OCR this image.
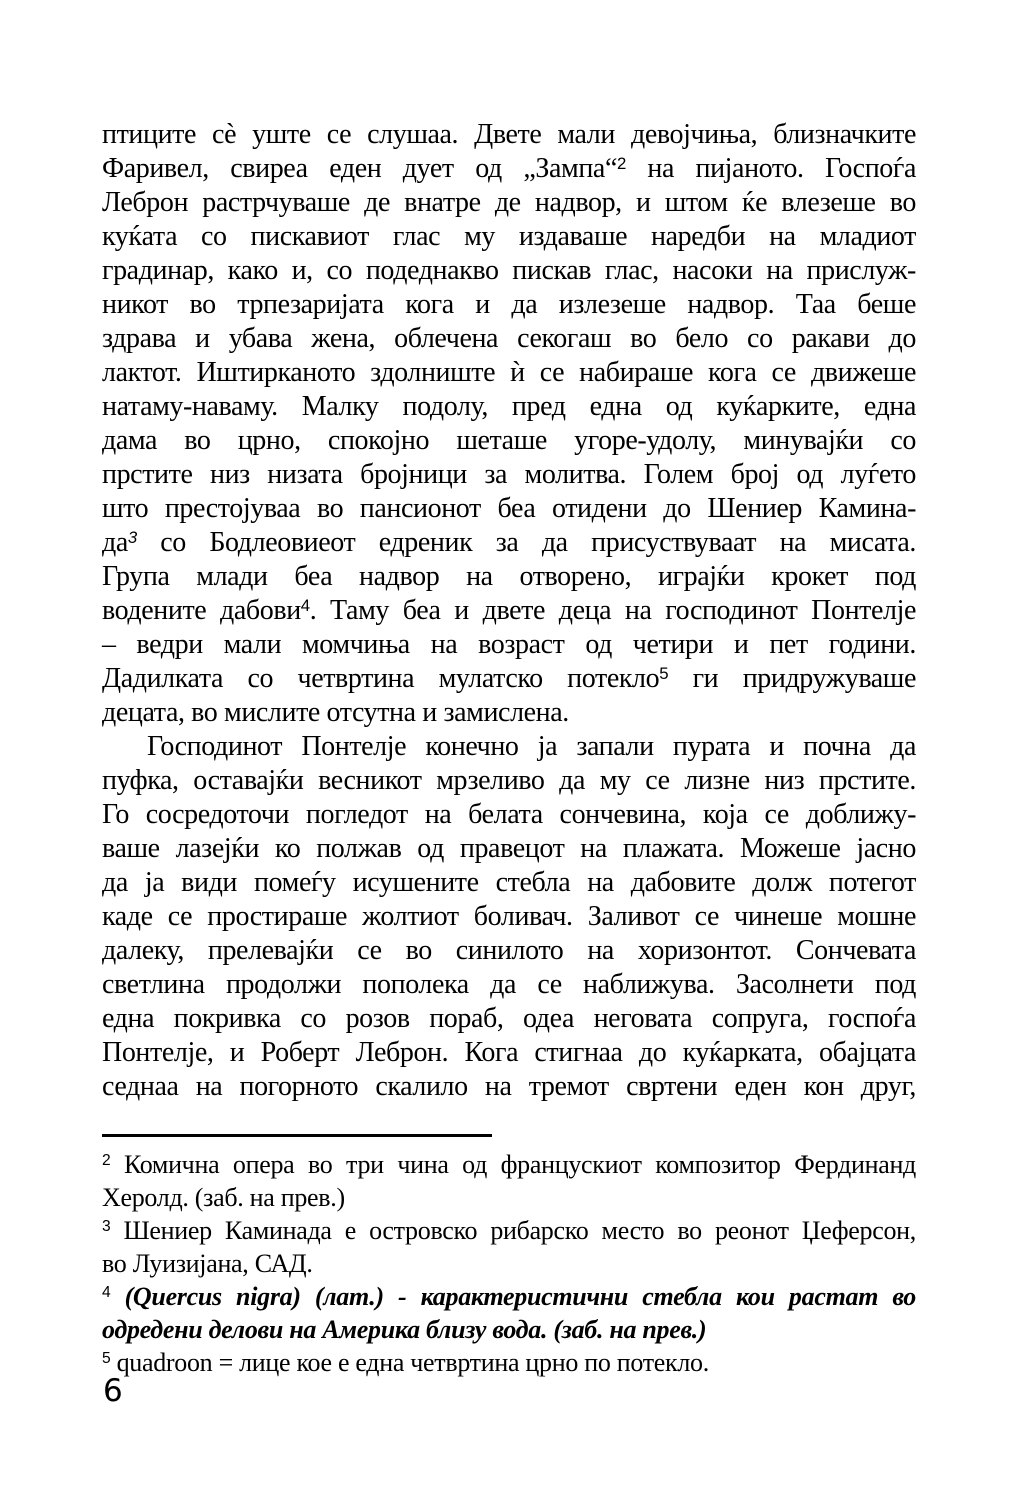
птиците сѐ уште се слушаа. Двете мали девојчиња, близначките
Фаривел, свиреа еден дует од „Зампа“$^2$ на пијаното. Госпоѓа
Леброн растрчуваше де внатре де надвор, и штом ќе влезеше во
куќата со пискавиот глас му издаваше наредби на младиот
градинар, како и, со подеднакво пискав глас, насоки на прислуж-
никот во трпезаријата кога и да излезеше надвор. Таа беше
здрава и убава жена, облечена секогаш во бело со ракави до
лактот. Иштирканото здолниште ѝ се набираше кога се движеше
натаму-наваму. Малку подолу, пред една од куќарките, една
дама во црно, спокојно шеташе угоре-удолу, минувајќи со
прстите низ низата бројници за молитва. Голем број од луѓето
што престојуваа во пансионот беа отидени до Шениер Камина-
$да^3$ со Бодлеовиеот едреник за да присуствуваат на мисата.
Група млади беа надвор на отворено, играјќи крокет под
водените дабови$^4$. Таму беа и двете деца на господинот Понтелје
– ведри мали момчиња на возраст од четири и пет години.
Дадилката со четвртина мулатско потекло$^5$ ги придружуваше
децата, во мислите отсутна и замислена.
Господинот Понтелје конечно ја запали пурата и почна да
пуфка, оставајќи весникот мрзеливо да му се лизне низ прстите.
Го сосредоточи погледот на белата сончевина, која се доближу-
ваше лазејќи ко полжав од правецот на плажата. Можеше јасно
да ја види помеѓу исушените стебла на дабовите долж потегот
каде се простираше жолтиот боливач. Заливот се чинеше мошне
далеку, прелевајќи се во синилото на хоризонтот. Сончевата
светлина продолжи пополека да се наближува. Засолнети под
една покривка со розов пораб, одеа неговата сопруга, госпоѓа
Понтелје, и Роберт Леброн. Кога стигнаа до куќарката, обајцата
седнаа на погорното скалило на тремот свртени еден кон друг,
$^2$ Комична опера во три чина од францускиот композитор Фердинанд
Херолд. (заб. на прев.)
$^3$ Шениер Каминада е островско рибарско место во реонот Џеферсон,
во Луизијана, САД.
$^4$ (Quercus nigra) (лат.) - карактеристични стебла кои растат во
одредени делови на Америка близу вода. (заб. на прев.)
$^5$ quadroon = лице кое е една четвртина црно по потекло.
6
